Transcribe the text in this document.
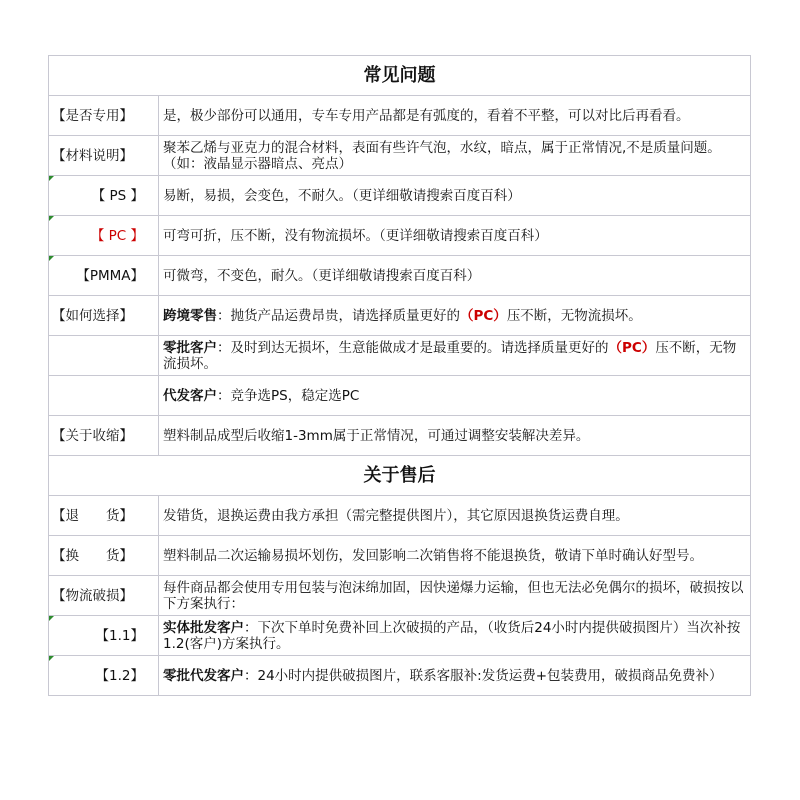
常见问题	
【是否专用】	是，极少部份可以通用，专车专用产品都是有弧度的，看着不平整，可以对比后再看看。
【材料说明】	聚苯乙烯与亚克力的混合材料，表面有些许气泡，水纹，暗点，属于正常情况,不是质量问题。（如：液晶显示器暗点、亮点）

【 PS 】	易断，易损，会变色，不耐久。（更详细敬请搜索百度百科）

【 PC 】	可弯可折，压不断，没有物流损坏。（更详细敬请搜索百度百科）

【PMMA】	可微弯，不变色，耐久。（更详细敬请搜索百度百科）
【如何选择】	跨境零售：抛货产品运费昂贵，请选择质量更好的（PC）压不断，无物流损坏。
	零批客户：及时到达无损坏，生意能做成才是最重要的。请选择质量更好的（PC）压不断，无物流损坏。
	代发客户：竞争选PS，稳定选PC
【关于收缩】	塑料制品成型后收缩1-3mm属于正常情况，可通过调整安装解决差异。
关于售后	
【退　　货】	发错货，退换运费由我方承担（需完整提供图片），其它原因退换货运费自理。
【换　　货】	塑料制品二次运输易损坏划伤，发回影响二次销售将不能退换货，敬请下单时确认好型号。
【物流破损】	每件商品都会使用专用包装与泡沫绵加固，因快递爆力运输，但也无法必免偶尔的损坏，破损按以下方案执行：

【1.1】	实体批发客户：下次下单时免费补回上次破损的产品，（收货后24小时内提供破损图片）当次补按1.2(客户)方案执行。

【1.2】	零批代发客户：24小时内提供破损图片，联系客服补:发货运费+包装费用，破损商品免费补）
